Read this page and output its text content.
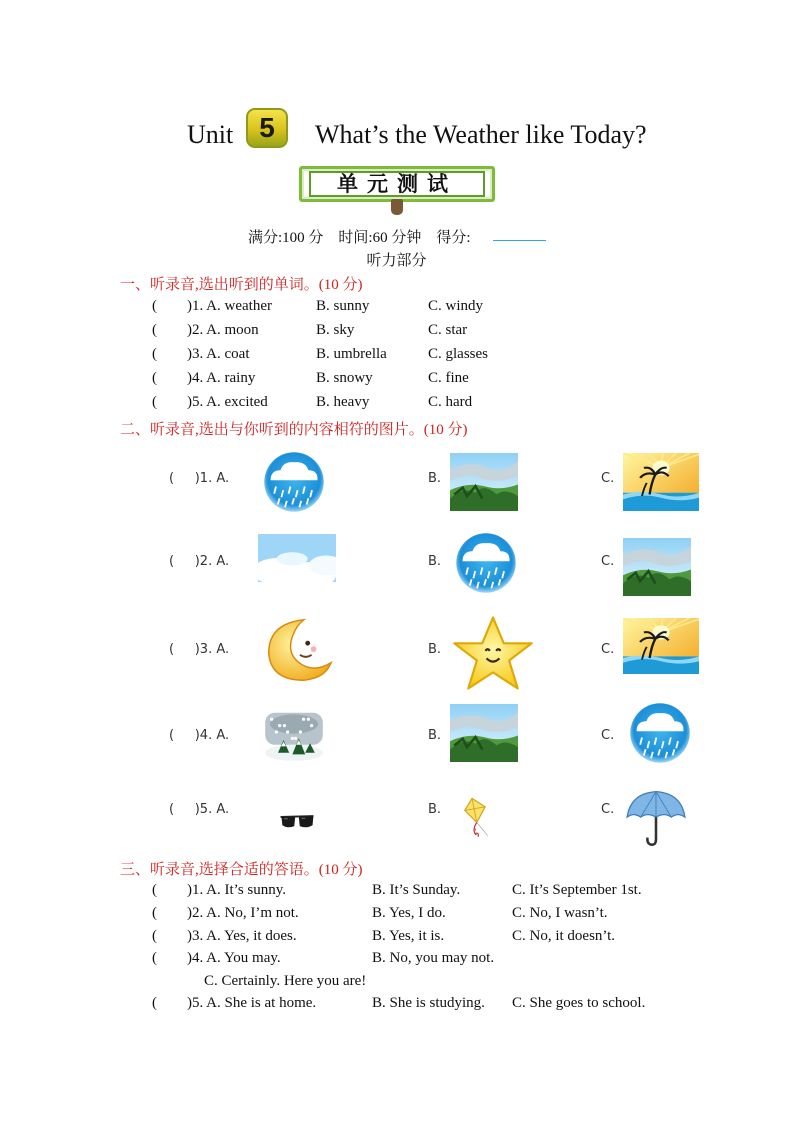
Unit 5	What’s the Weather like Today?
单元测试
满分:100 分    时间:60 分钟    得分:
听力部分
一、听录音,选出听到的单词。(10 分)
( )1. A. weather	B. sunny	C. windy
( )2. A. moon	B. sky	C. star
( )3. A. coat	B. umbrella	C. glasses
( )4. A. rainy	B. snowy	C. fine
( )5. A. excited	B. heavy	C. hard
二、听录音,选出与你听到的内容相符的图片。(10 分)
(     )1. A.	B.	C.
(     )2. A.	B.	C.
(     )3. A.	B.	C.
(     )4. A.	B.	C.
(     )5. A.	B.	C.
三、听录音,选择合适的答语。(10 分)
( )1. A. It’s sunny.	B. It’s Sunday.	C. It’s September 1st.
( )2. A. No, I’m not.	B. Yes, I do.	C. No, I wasn’t.
( )3. A. Yes, it does.	B. Yes, it is.	C. No, it doesn’t.
( )4. A. You may.	B. No, you may not.
C. Certainly. Here you are!
( )5. A. She is at home.	B. She is studying. C. She goes to school.
